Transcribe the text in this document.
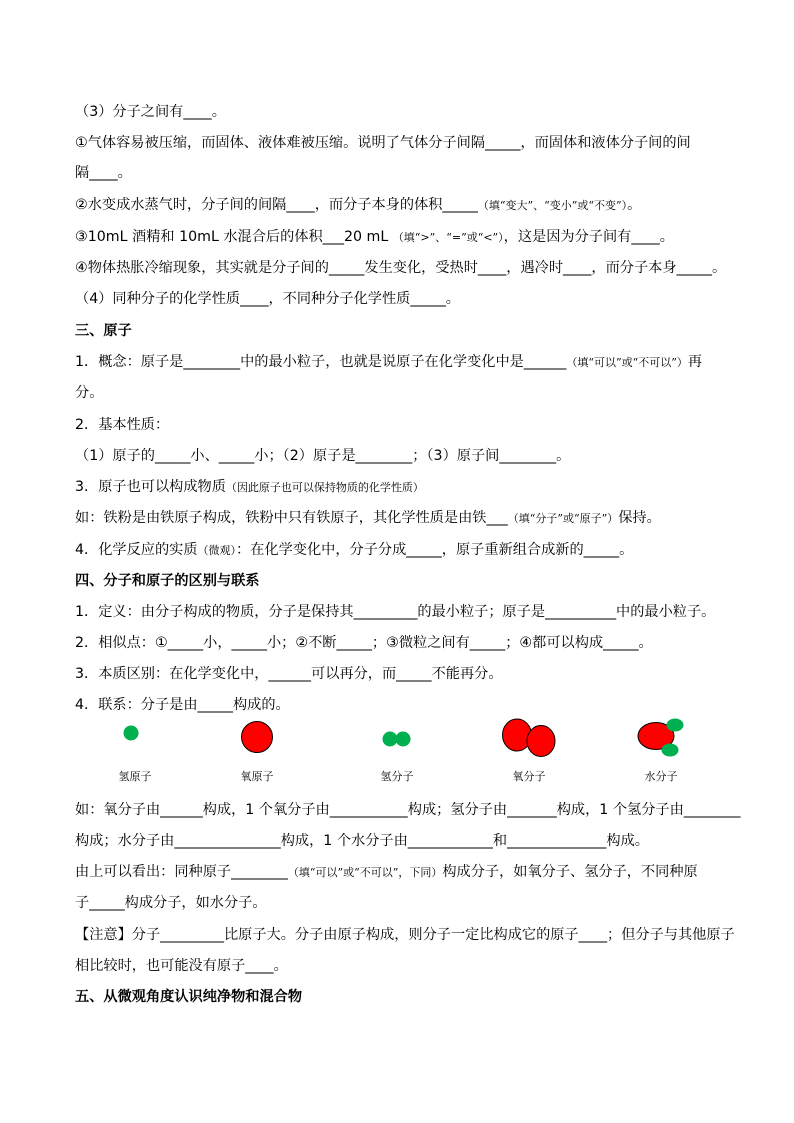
（3）分子之间有____。
①气体容易被压缩，而固体、液体难被压缩。说明了气体分子间隔_____，而固体和液体分子间的间
隔____。
②水变成水蒸气时，分子间的间隔____，而分子本身的体积_____（填“变大”、“变小”或“不变”）。
③10mL 酒精和 10mL 水混合后的体积___20 mL （填“>”、“=”或“<”），这是因为分子间有____。
④物体热胀冷缩现象，其实就是分子间的_____发生变化，受热时____，遇冷时____，而分子本身_____。
（4）同种分子的化学性质____，不同种分子化学性质_____。
三、原子
1．概念：原子是________中的最小粒子，也就是说原子在化学变化中是______（填“可以”或“不可以”）再
分。
2．基本性质：
（1）原子的_____小、_____小；（2）原子是________；（3）原子间________。
3．原子也可以构成物质（因此原子也可以保持物质的化学性质）
如：铁粉是由铁原子构成，铁粉中只有铁原子，其化学性质是由铁___（填“分子”或“原子”）保持。
4．化学反应的实质（微观）：在化学变化中，分子分成_____，原子重新组合成新的_____。
四、分子和原子的区别与联系
1．定义：由分子构成的物质，分子是保持其_________的最小粒子；原子是__________中的最小粒子。
2．相似点：①_____小，_____小；②不断_____；③微粒之间有_____；④都可以构成_____。
3．本质区别：在化学变化中，______可以再分，而_____不能再分。
4．联系：分子是由_____构成的。
氢原子	氧原子	氢分子	氧分子	水分子
如：氧分子由______构成，1 个氧分子由___________构成；氢分子由_______构成，1 个氢分子由________
构成；水分子由_______________构成，1 个水分子由____________和______________构成。
由上可以看出：同种原子________（填“可以”或“不可以”，下同）构成分子，如氧分子、氢分子，不同种原
子_____构成分子，如水分子。
【注意】分子_________比原子大。分子由原子构成，则分子一定比构成它的原子____；但分子与其他原子
相比较时，也可能没有原子____。
五、从微观角度认识纯净物和混合物
